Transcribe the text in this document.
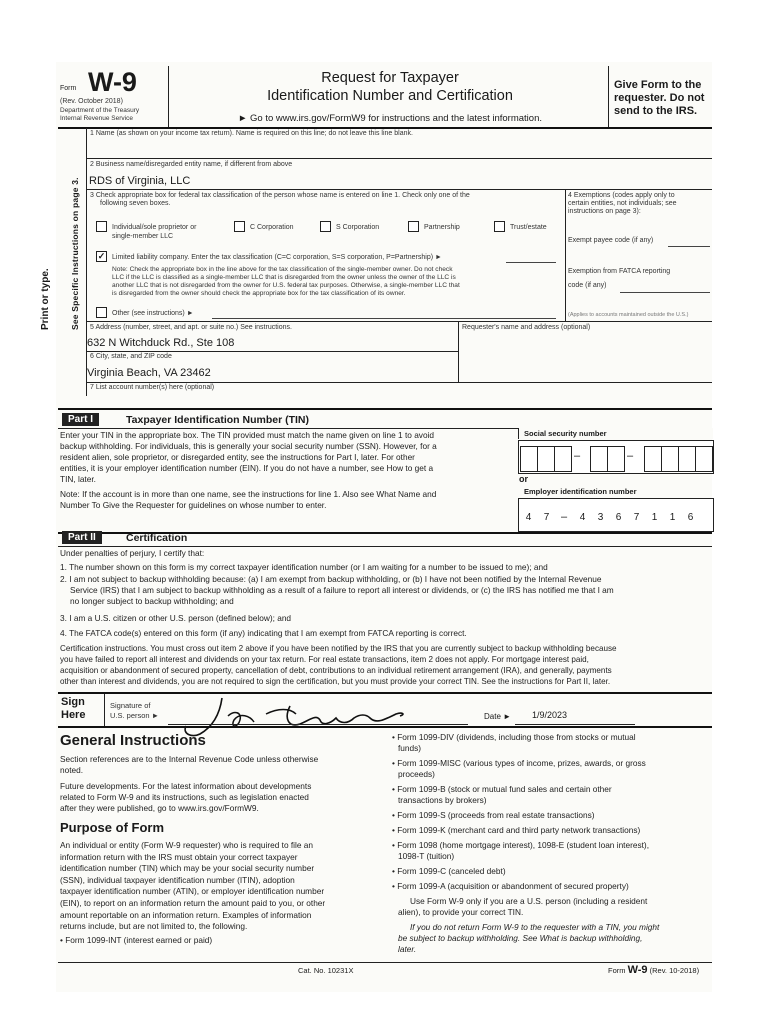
Form W-9
(Rev. October 2018)
Department of the Treasury
Internal Revenue Service
Request for Taxpayer
Identification Number and Certification
► Go to www.irs.gov/FormW9 for instructions and the latest information.
Give Form to the
requester. Do not
send to the IRS.
Print or type. See Specific Instructions on page 3.
1 Name (as shown on your income tax return). Name is required on this line; do not leave this line blank.
2 Business name/disregarded entity name, if different from above
RDS of Virginia, LLC
3 Check appropriate box for federal tax classification of the person whose name is entered on line 1. Check only one of the
following seven boxes.
Individual/sole proprietor or
single-member LLC
C Corporation	S Corporation	Partnership	Trust/estate
✓ Limited liability company. Enter the tax classification (C=C corporation, S=S corporation, P=Partnership) ►
Note: Check the appropriate box in the line above for the tax classification of the single-member owner. Do not check
LLC if the LLC is classified as a single-member LLC that is disregarded from the owner unless the owner of the LLC is
another LLC that is not disregarded from the owner for U.S. federal tax purposes. Otherwise, a single-member LLC that
is disregarded from the owner should check the appropriate box for the tax classification of its owner.
Other (see instructions) ►
4 Exemptions (codes apply only to
certain entities, not individuals; see
instructions on page 3):
Exempt payee code (if any)
Exemption from FATCA reporting
code (if any)
(Applies to accounts maintained outside the U.S.)
5 Address (number, street, and apt. or suite no.) See instructions.
632 N Witchduck Rd., Ste 108
Requester's name and address (optional)
6 City, state, and ZIP code
Virginia Beach, VA 23462
7 List account number(s) here (optional)
Part I	Taxpayer Identification Number (TIN)
Enter your TIN in the appropriate box. The TIN provided must match the name given on line 1 to avoid
backup withholding. For individuals, this is generally your social security number (SSN). However, for a
resident alien, sole proprietor, or disregarded entity, see the instructions for Part I, later. For other
entities, it is your employer identification number (EIN). If you do not have a number, see How to get a
TIN, later.
Note: If the account is in more than one name, see the instructions for line 1. Also see What Name and
Number To Give the Requester for guidelines on whose number to enter.
Social security number
–	–
or
Employer identification number
4	7	4	3	6	7	1	1	6
–
Part II	Certification
Under penalties of perjury, I certify that:
1. The number shown on this form is my correct taxpayer identification number (or I am waiting for a number to be issued to me); and
2. I am not subject to backup withholding because: (a) I am exempt from backup withholding, or (b) I have not been notified by the Internal Revenue
Service (IRS) that I am subject to backup withholding as a result of a failure to report all interest or dividends, or (c) the IRS has notified me that I am
no longer subject to backup withholding; and
3. I am a U.S. citizen or other U.S. person (defined below); and
4. The FATCA code(s) entered on this form (if any) indicating that I am exempt from FATCA reporting is correct.
Certification instructions. You must cross out item 2 above if you have been notified by the IRS that you are currently subject to backup withholding because
you have failed to report all interest and dividends on your tax return. For real estate transactions, item 2 does not apply. For mortgage interest paid,
acquisition or abandonment of secured property, cancellation of debt, contributions to an individual retirement arrangement (IRA), and generally, payments
other than interest and dividends, you are not required to sign the certification, but you must provide your correct TIN. See the instructions for Part II, later.
Sign
Here
Signature of
U.S. person ►	Date ► 1/9/2023
General Instructions
Section references are to the Internal Revenue Code unless otherwise
noted.
Future developments. For the latest information about developments
related to Form W-9 and its instructions, such as legislation enacted
after they were published, go to www.irs.gov/FormW9.
Purpose of Form
An individual or entity (Form W-9 requester) who is required to file an
information return with the IRS must obtain your correct taxpayer
identification number (TIN) which may be your social security number
(SSN), individual taxpayer identification number (ITIN), adoption
taxpayer identification number (ATIN), or employer identification number
(EIN), to report on an information return the amount paid to you, or other
amount reportable on an information return. Examples of information
returns include, but are not limited to, the following.
• Form 1099-INT (interest earned or paid)
• Form 1099-DIV (dividends, including those from stocks or mutual
funds)
• Form 1099-MISC (various types of income, prizes, awards, or gross
proceeds)
• Form 1099-B (stock or mutual fund sales and certain other
transactions by brokers)
• Form 1099-S (proceeds from real estate transactions)
• Form 1099-K (merchant card and third party network transactions)
• Form 1098 (home mortgage interest), 1098-E (student loan interest),
1098-T (tuition)
• Form 1099-C (canceled debt)
• Form 1099-A (acquisition or abandonment of secured property)
Use Form W-9 only if you are a U.S. person (including a resident
alien), to provide your correct TIN.
If you do not return Form W-9 to the requester with a TIN, you might
be subject to backup withholding. See What is backup withholding,
later.
Cat. No. 10231X	Form W-9 (Rev. 10-2018)
